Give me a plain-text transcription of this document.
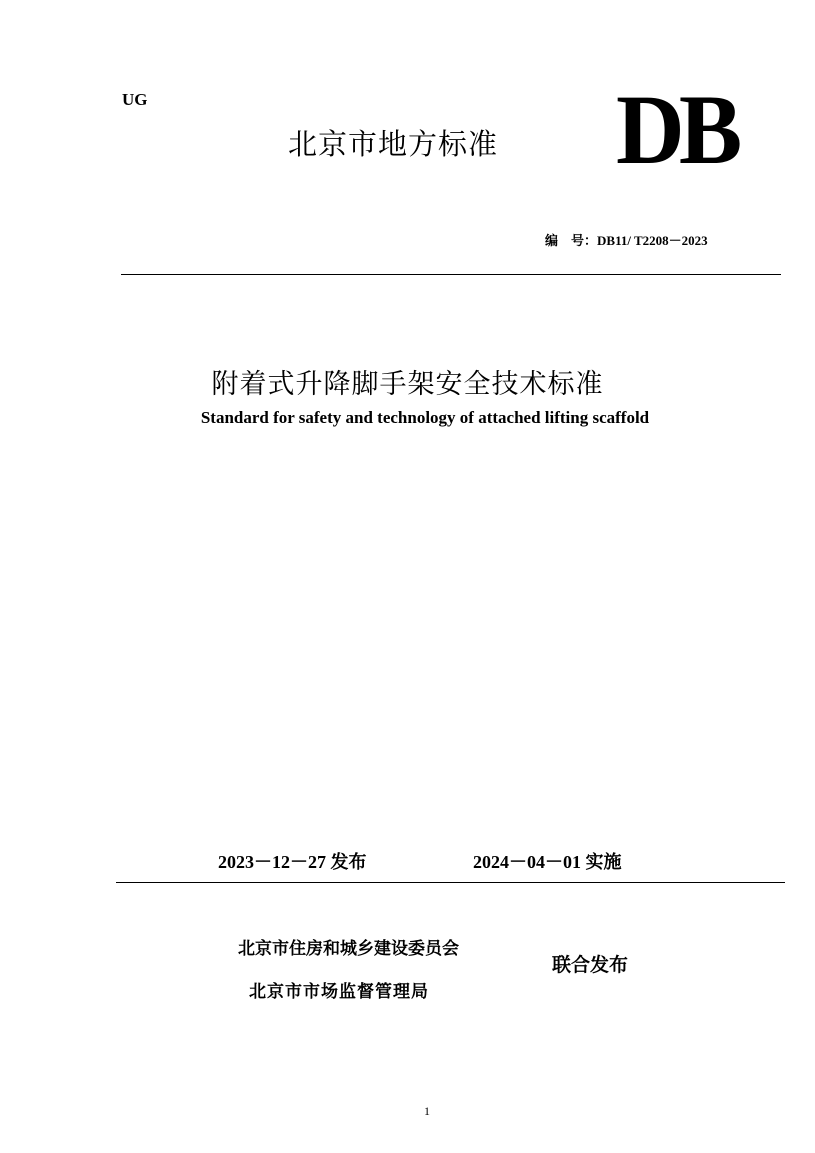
UG
北京市地方标准 DB
编　号：DB11/ T2208－2023
附着式升降脚手架安全技术标准
Standard for safety and technology of attached lifting scaffold
2023－12－27 发布	2024－04－01 实施
北京市住房和城乡建设委员会
北京市市场监督管理局
联合发布
1
